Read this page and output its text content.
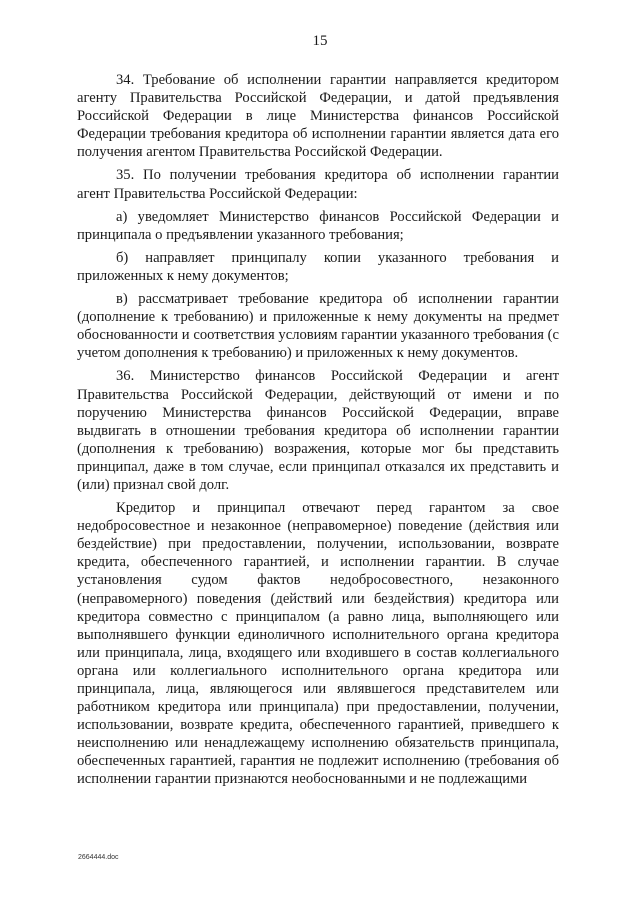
15

34. Требование об исполнении гарантии направляется кредитором агенту Правительства Российской Федерации, и датой предъявления Российской Федерации в лице Министерства финансов Российской Федерации требования кредитора об исполнении гарантии является дата его получения агентом Правительства Российской Федерации.

35. По получении требования кредитора об исполнении гарантии агент Правительства Российской Федерации:

а) уведомляет Министерство финансов Российской Федерации и принципала о предъявлении указанного требования;

б) направляет принципалу копии указанного требования и приложенных к нему документов;

в) рассматривает требование кредитора об исполнении гарантии (дополнение к требованию) и приложенные к нему документы на предмет обоснованности и соответствия условиям гарантии указанного требования (с учетом дополнения к требованию) и приложенных к нему документов.

36. Министерство финансов Российской Федерации и агент Правительства Российской Федерации, действующий от имени и по поручению Министерства финансов Российской Федерации, вправе выдвигать в отношении требования кредитора об исполнении гарантии (дополнения к требованию) возражения, которые мог бы представить принципал, даже в том случае, если принципал отказался их представить и (или) признал свой долг.

Кредитор и принципал отвечают перед гарантом за свое недобросовестное и незаконное (неправомерное) поведение (действия или бездействие) при предоставлении, получении, использовании, возврате кредита, обеспеченного гарантией, и исполнении гарантии. В случае установления судом фактов недобросовестного, незаконного (неправомерного) поведения (действий или бездействия) кредитора или кредитора совместно с принципалом (а равно лица, выполняющего или выполнявшего функции единоличного исполнительного органа кредитора или принципала, лица, входящего или входившего в состав коллегиального органа или коллегиального исполнительного органа кредитора или принципала, лица, являющегося или являвшегося представителем или работником кредитора или принципала) при предоставлении, получении, использовании, возврате кредита, обеспеченного гарантией, приведшего к неисполнению или ненадлежащему исполнению обязательств принципала, обеспеченных гарантией, гарантия не подлежит исполнению (требования об исполнении гарантии признаются необоснованными и не подлежащими

2664444.doc
